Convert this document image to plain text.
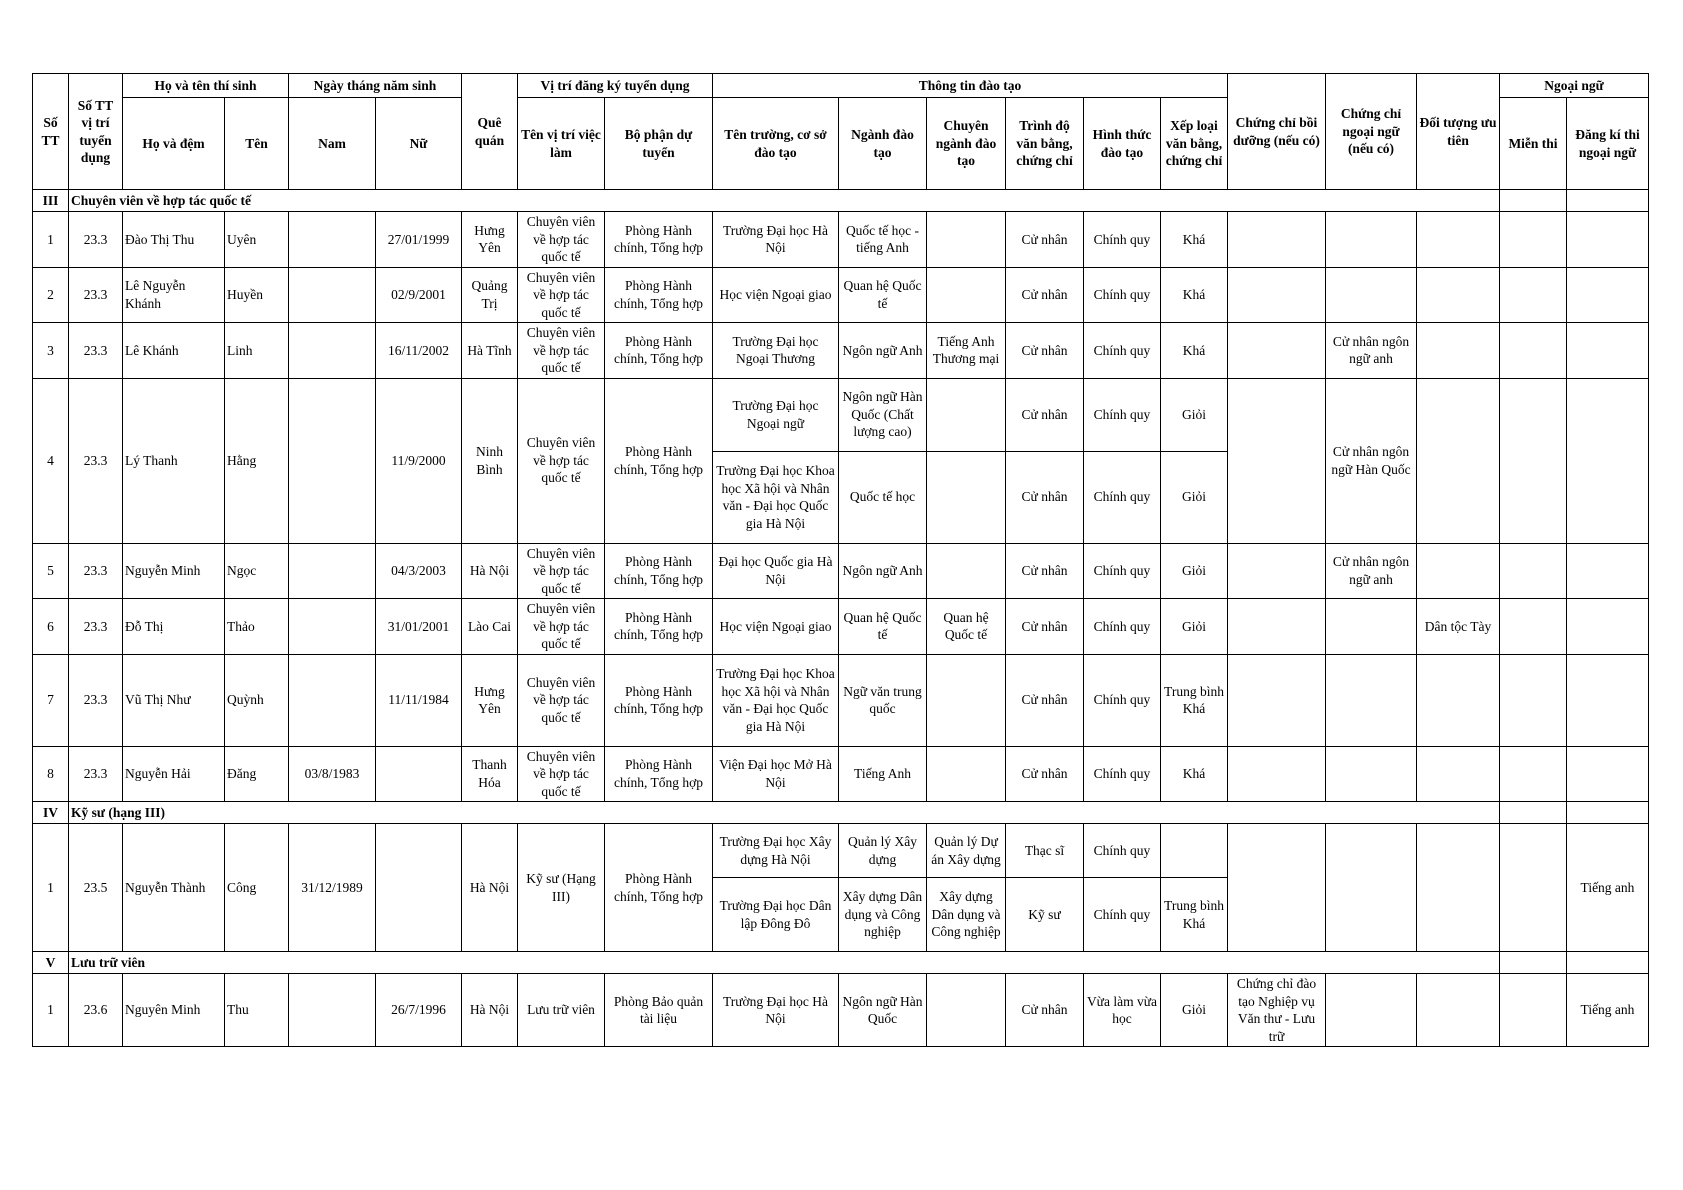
Số TT	Số TT vị trí tuyển dụng	Họ và tên thí sinh		Ngày tháng năm sinh		Quê quán	Vị trí đăng ký tuyển dụng		Thông tin đào tạo						Chứng chỉ bồi dưỡng (nếu có)	Chứng chỉ ngoại ngữ (nếu có)	Đối tượng ưu tiên	Ngoại ngữ	
		Họ và đệm	Tên	Nam	Nữ		Tên vị trí việc làm	Bộ phận dự tuyển	Tên trường, cơ sở đào tạo	Ngành đào tạo	Chuyên ngành đào tạo	Trình độ văn bằng, chứng chỉ	Hình thức đào tạo	Xếp loại văn bằng, chứng chỉ				Miễn thi	Đăng kí thi ngoại ngữ
III	Chuyên viên về hợp tác quốc tế																		
1	23.3	Đào Thị Thu	Uyên		27/01/1999	Hưng Yên	Chuyên viên về hợp tác quốc tế	Phòng Hành chính, Tổng hợp	Trường Đại học Hà Nội	Quốc tế học - tiếng Anh		Cử nhân	Chính quy	Khá					
2	23.3	Lê Nguyễn Khánh	Huyền		02/9/2001	Quảng Trị	Chuyên viên về hợp tác quốc tế	Phòng Hành chính, Tổng hợp	Học viện Ngoại giao	Quan hệ Quốc tế		Cử nhân	Chính quy	Khá					
3	23.3	Lê Khánh	Linh		16/11/2002	Hà Tĩnh	Chuyên viên về hợp tác quốc tế	Phòng Hành chính, Tổng hợp	Trường Đại học Ngoại Thương	Ngôn ngữ Anh	Tiếng Anh Thương mại	Cử nhân	Chính quy	Khá		Cử nhân ngôn ngữ anh			
4	23.3	Lý Thanh	Hằng		11/9/2000	Ninh Bình	Chuyên viên về hợp tác quốc tế	Phòng Hành chính, Tổng hợp	Trường Đại học Ngoại ngữ	Ngôn ngữ Hàn Quốc (Chất lượng cao)		Cử nhân	Chính quy	Giỏi		Cử nhân ngôn ngữ Hàn Quốc			
									Trường Đại học Khoa học Xã hội và Nhân văn - Đại học Quốc gia Hà Nội	Quốc tế học		Cử nhân	Chính quy	Giỏi					
5	23.3	Nguyễn Minh	Ngọc		04/3/2003	Hà Nội	Chuyên viên về hợp tác quốc tế	Phòng Hành chính, Tổng hợp	Đại học Quốc gia Hà Nội	Ngôn ngữ Anh		Cử nhân	Chính quy	Giỏi		Cử nhân ngôn ngữ anh			
6	23.3	Đỗ Thị	Thảo		31/01/2001	Lào Cai	Chuyên viên về hợp tác quốc tế	Phòng Hành chính, Tổng hợp	Học viện Ngoại giao	Quan hệ Quốc tế	Quan hệ Quốc tế	Cử nhân	Chính quy	Giỏi			Dân tộc Tày		
7	23.3	Vũ Thị Như	Quỳnh		11/11/1984	Hưng Yên	Chuyên viên về hợp tác quốc tế	Phòng Hành chính, Tổng hợp	Trường Đại học Khoa học Xã hội và Nhân văn - Đại học Quốc gia Hà Nội	Ngữ văn trung quốc		Cử nhân	Chính quy	Trung bình Khá					
8	23.3	Nguyễn Hải	Đăng	03/8/1983		Thanh Hóa	Chuyên viên về hợp tác quốc tế	Phòng Hành chính, Tổng hợp	Viện Đại học Mở Hà Nội	Tiếng Anh		Cử nhân	Chính quy	Khá					
IV	Kỹ sư (hạng III)																		
1	23.5	Nguyễn Thành	Công	31/12/1989		Hà Nội	Kỹ sư (Hạng III)	Phòng Hành chính, Tổng hợp	Trường Đại học Xây dựng Hà Nội	Quản lý Xây dựng	Quản lý Dự án Xây dựng	Thạc sĩ	Chính quy						Tiếng anh
									Trường Đại học Dân lập Đông Đô	Xây dựng Dân dụng và Công nghiệp	Xây dựng Dân dụng và Công nghiệp	Kỹ sư	Chính quy	Trung bình Khá					
V	Lưu trữ viên																		
1	23.6	Nguyên Minh	Thu		26/7/1996	Hà Nội	Lưu trữ viên	Phòng Bảo quản tài liệu	Trường Đại học Hà Nội	Ngôn ngữ Hàn Quốc		Cử nhân	Vừa làm vừa học	Giỏi	Chứng chỉ đào tạo Nghiệp vụ Văn thư - Lưu trữ				Tiếng anh
